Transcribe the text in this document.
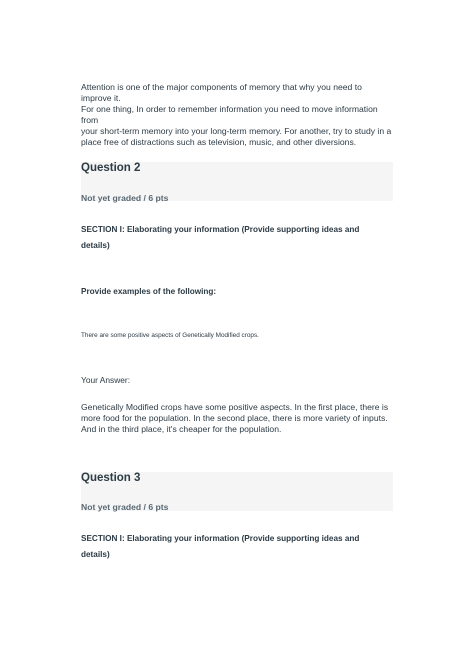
Attention is one of the major components of memory that why you need to improve it.

For one thing, In order to remember information you need to move information from

your short-term memory into your long-term memory. For another, try to study in a

place free of distractions such as television, music, and other diversions.

Question 2
Not yet graded / 6 pts

SECTION I: Elaborating your information (Provide supporting ideas and

details)

Provide examples of the following:

There are some positive aspects of Genetically Modified crops.

Your Answer:

Genetically Modified crops have some positive aspects. In the first place, there is

more food for the population. In the second place, there is more variety of inputs.

And in the third place, it's cheaper for the population.

Question 3
Not yet graded / 6 pts

SECTION I: Elaborating your information (Provide supporting ideas and

details)
